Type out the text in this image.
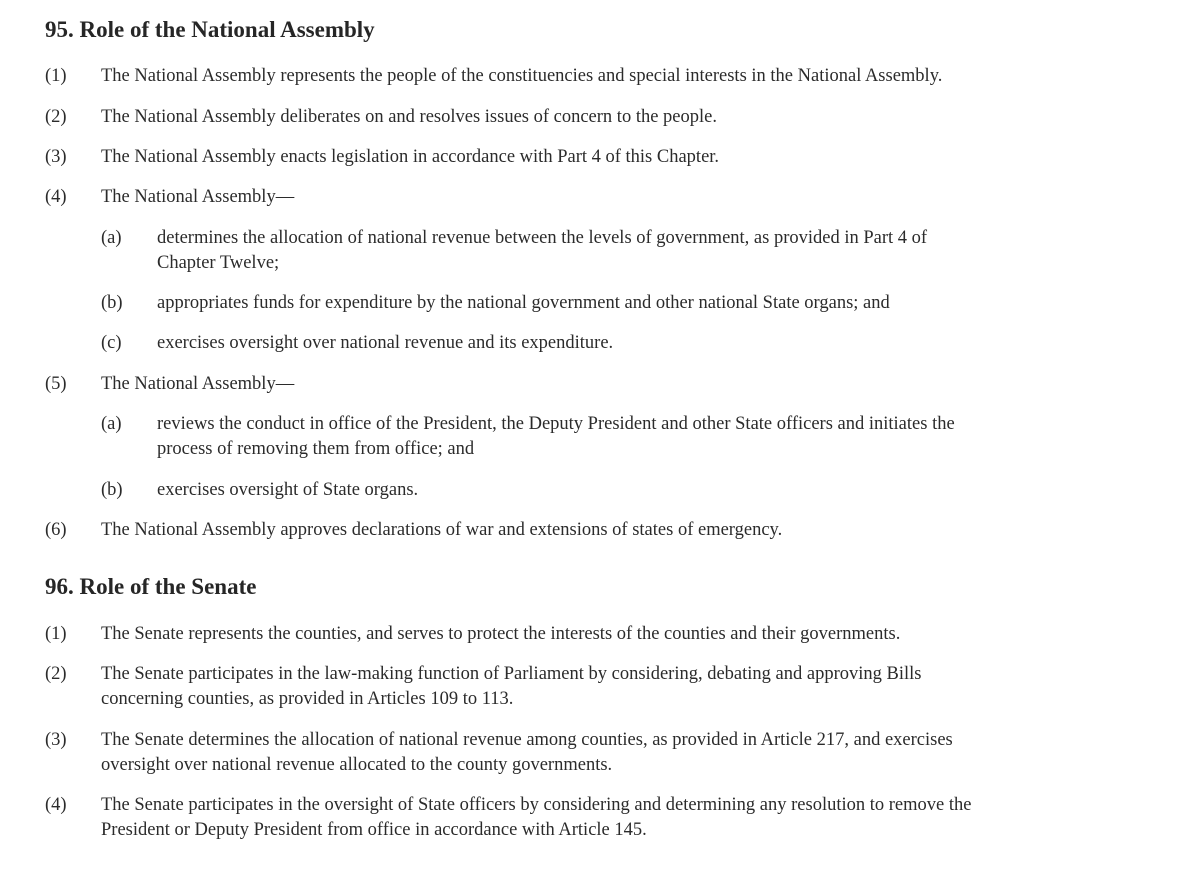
95. Role of the National Assembly
(1) The National Assembly represents the people of the constituencies and special interests in the National Assembly.
(2) The National Assembly deliberates on and resolves issues of concern to the people.
(3) The National Assembly enacts legislation in accordance with Part 4 of this Chapter.
(4) The National Assembly—
(a) determines the allocation of national revenue between the levels of government, as provided in Part 4 of
Chapter Twelve;
(b) appropriates funds for expenditure by the national government and other national State organs; and
(c) exercises oversight over national revenue and its expenditure.
(5) The National Assembly—
(a) reviews the conduct in office of the President, the Deputy President and other State officers and initiates the
process of removing them from office; and
(b) exercises oversight of State organs.
(6) The National Assembly approves declarations of war and extensions of states of emergency.
96. Role of the Senate
(1) The Senate represents the counties, and serves to protect the interests of the counties and their governments.
(2) The Senate participates in the law-making function of Parliament by considering, debating and approving Bills
concerning counties, as provided in Articles 109 to 113.
(3) The Senate determines the allocation of national revenue among counties, as provided in Article 217, and exercises
oversight over national revenue allocated to the county governments.
(4) The Senate participates in the oversight of State officers by considering and determining any resolution to remove the
President or Deputy President from office in accordance with Article 145.
